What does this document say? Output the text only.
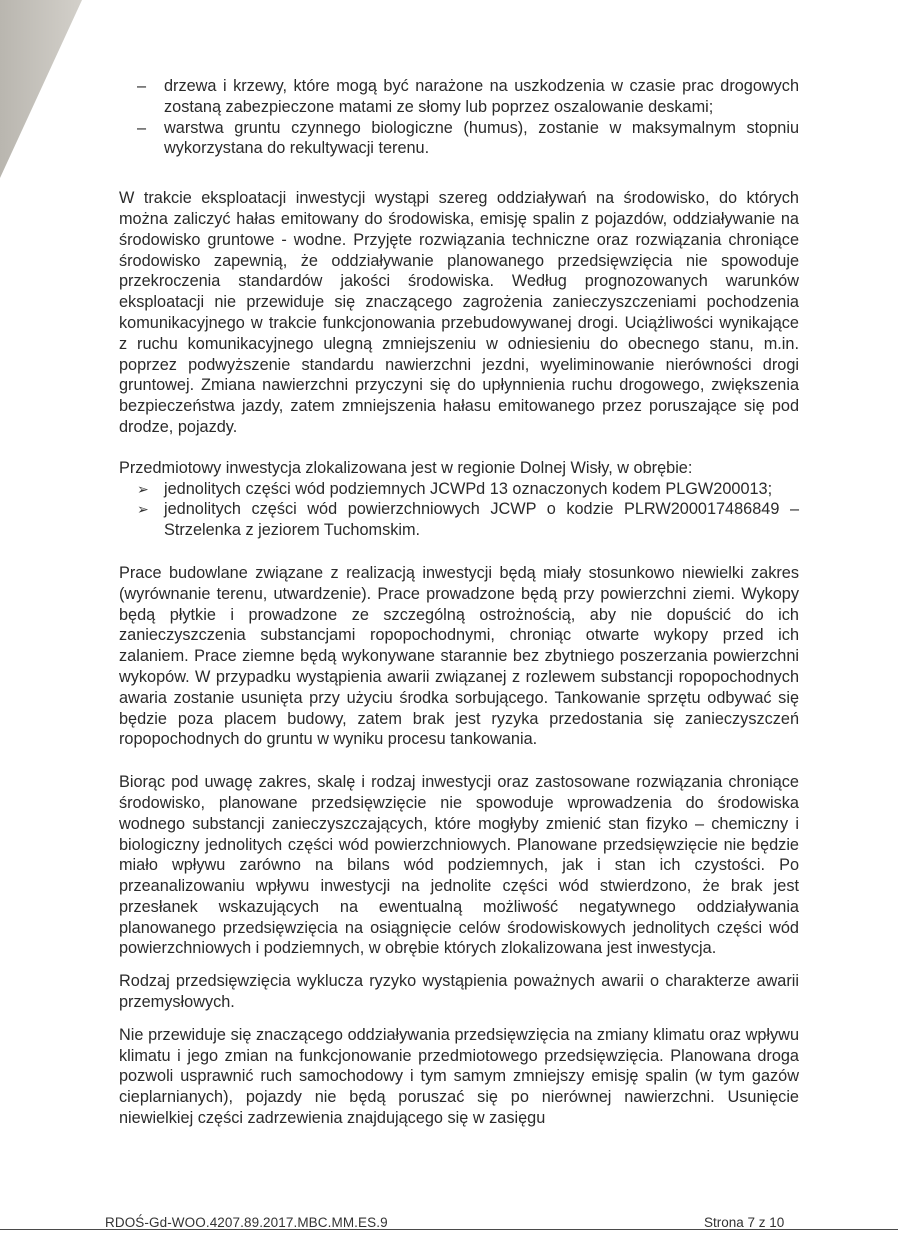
– drzewa i krzewy, które mogą być narażone na uszkodzenia w czasie prac drogowych zostaną zabezpieczone matami ze słomy lub poprzez oszalowanie deskami;
– warstwa gruntu czynnego biologiczne (humus), zostanie w maksymalnym stopniu wykorzystana do rekultywacji terenu.

W trakcie eksploatacji inwestycji wystąpi szereg oddziaływań na środowisko, do których można zaliczyć hałas emitowany do środowiska, emisję spalin z pojazdów, oddziaływanie na środowisko gruntowe - wodne. Przyjęte rozwiązania techniczne oraz rozwiązania chroniące środowisko zapewnią, że oddziaływanie planowanego przedsięwzięcia nie spowoduje przekroczenia standardów jakości środowiska. Według prognozowanych warunków eksploatacji nie przewiduje się znaczącego zagrożenia zanieczyszczeniami pochodzenia komunikacyjnego w trakcie funkcjonowania przebudowywanej drogi. Uciążliwości wynikające z ruchu komunikacyjnego ulegną zmniejszeniu w odniesieniu do obecnego stanu, m.in. poprzez podwyższenie standardu nawierzchni jezdni, wyeliminowanie nierówności drogi gruntowej. Zmiana nawierzchni przyczyni się do upłynnienia ruchu drogowego, zwiększenia bezpieczeństwa jazdy, zatem zmniejszenia hałasu emitowanego przez poruszające się pod drodze, pojazdy.

Przedmiotowy inwestycja zlokalizowana jest w regionie Dolnej Wisły, w obrębie:

➢ jednolitych części wód podziemnych JCWPd 13 oznaczonych kodem PLGW200013;
➢ jednolitych części wód powierzchniowych JCWP o kodzie PLRW200017486849 – Strzelenka z jeziorem Tuchomskim.

Prace budowlane związane z realizacją inwestycji będą miały stosunkowo niewielki zakres (wyrównanie terenu, utwardzenie). Prace prowadzone będą przy powierzchni ziemi. Wykopy będą płytkie i prowadzone ze szczególną ostrożnością, aby nie dopuścić do ich zanieczyszczenia substancjami ropopochodnymi, chroniąc otwarte wykopy przed ich zalaniem. Prace ziemne będą wykonywane starannie bez zbytniego poszerzania powierzchni wykopów. W przypadku wystąpienia awarii związanej z rozlewem substancji ropopochodnych awaria zostanie usunięta przy użyciu środka sorbującego. Tankowanie sprzętu odbywać się będzie poza placem budowy, zatem brak jest ryzyka przedostania się zanieczyszczeń ropopochodnych do gruntu w wyniku procesu tankowania.

Biorąc pod uwagę zakres, skalę i rodzaj inwestycji oraz zastosowane rozwiązania chroniące środowisko, planowane przedsięwzięcie nie spowoduje wprowadzenia do środowiska wodnego substancji zanieczyszczających, które mogłyby zmienić stan fizyko – chemiczny i biologiczny jednolitych części wód powierzchniowych. Planowane przedsięwzięcie nie będzie miało wpływu zarówno na bilans wód podziemnych, jak i stan ich czystości. Po przeanalizowaniu wpływu inwestycji na jednolite części wód stwierdzono, że brak jest przesłanek wskazujących na ewentualną możliwość negatywnego oddziaływania planowanego przedsięwzięcia na osiągnięcie celów środowiskowych jednolitych części wód powierzchniowych i podziemnych, w obrębie których zlokalizowana jest inwestycja.

Rodzaj przedsięwzięcia wyklucza ryzyko wystąpienia poważnych awarii o charakterze awarii przemysłowych.

Nie przewiduje się znaczącego oddziaływania przedsięwzięcia na zmiany klimatu oraz wpływu klimatu i jego zmian na funkcjonowanie przedmiotowego przedsięwzięcia. Planowana droga pozwoli usprawnić ruch samochodowy i tym samym zmniejszy emisję spalin (w tym gazów cieplarnianych), pojazdy nie będą poruszać się po nierównej nawierzchni. Usunięcie niewielkiej części zadrzewienia znajdującego się w zasięgu

RDOŚ-Gd-WOO.4207.89.2017.MBC.MM.ES.9	Strona 7 z 10
